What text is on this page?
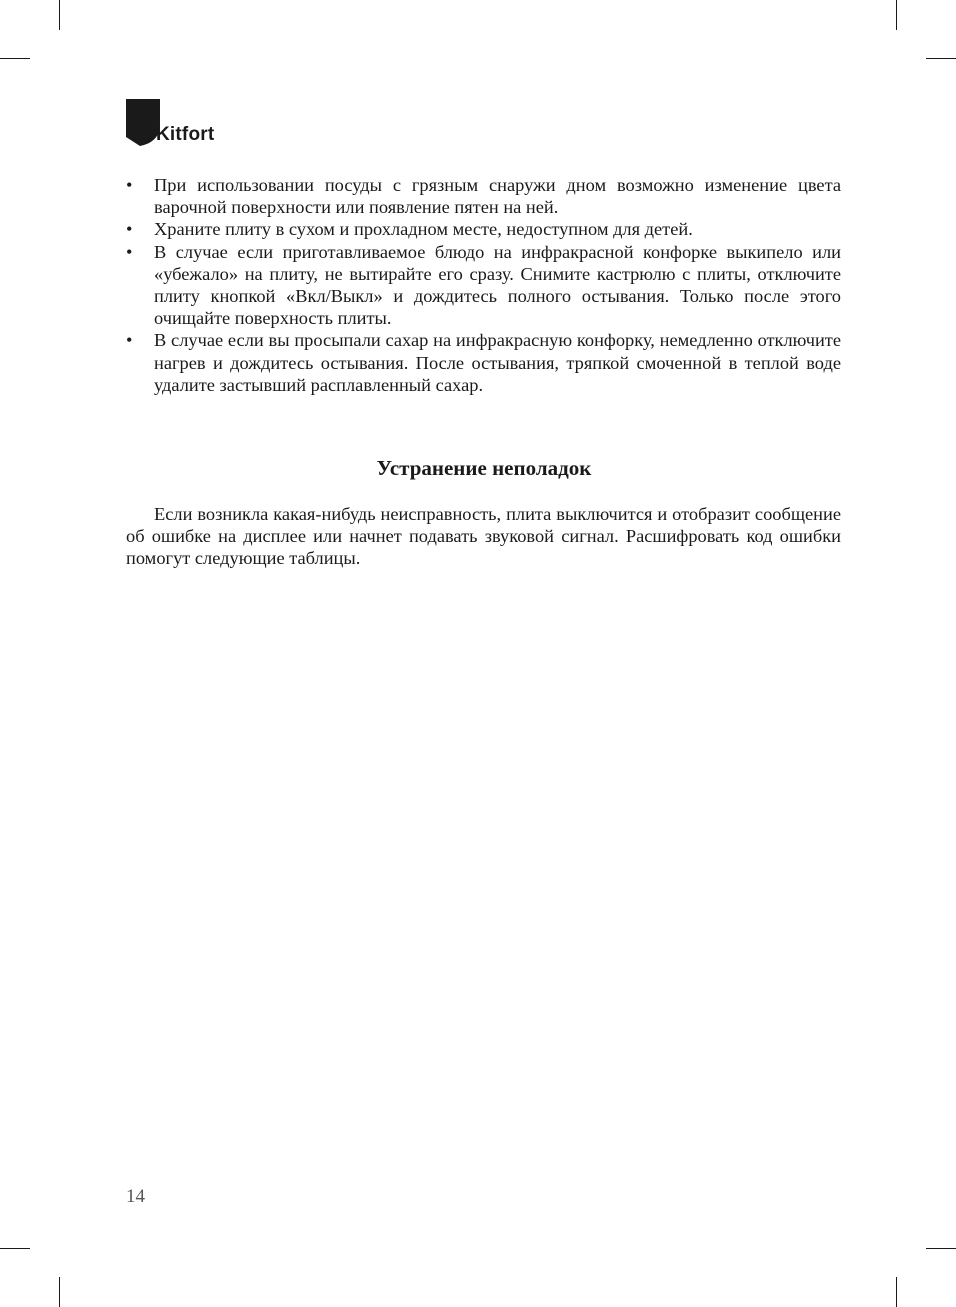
Kitfort
• При использовании посуды с грязным снаружи дном возможно изменение цвета варочной поверхности или появление пятен на ней.
• Храните плиту в сухом и прохладном месте, недоступном для детей.
• В случае если приготавливаемое блюдо на инфракрасной конфорке выкипело или «убежало» на плиту, не вытирайте его сразу. Снимите кастрюлю с плиты, отключите плиту кнопкой «Вкл/Выкл» и дождитесь полного остывания. Только после этого очищайте поверхность плиты.
• В случае если вы просыпали сахар на инфракрасную конфорку, немедленно отключите нагрев и дождитесь остывания. После остывания, тряпкой смоченной в теплой воде удалите застывший расплавленный сахар.
Устранение неполадок

Если возникла какая-нибудь неисправность, плита выключится и отобразит сообщение об ошибке на дисплее или начнет подавать звуковой сигнал. Расшифровать код ошибки помогут следующие таблицы.

14
